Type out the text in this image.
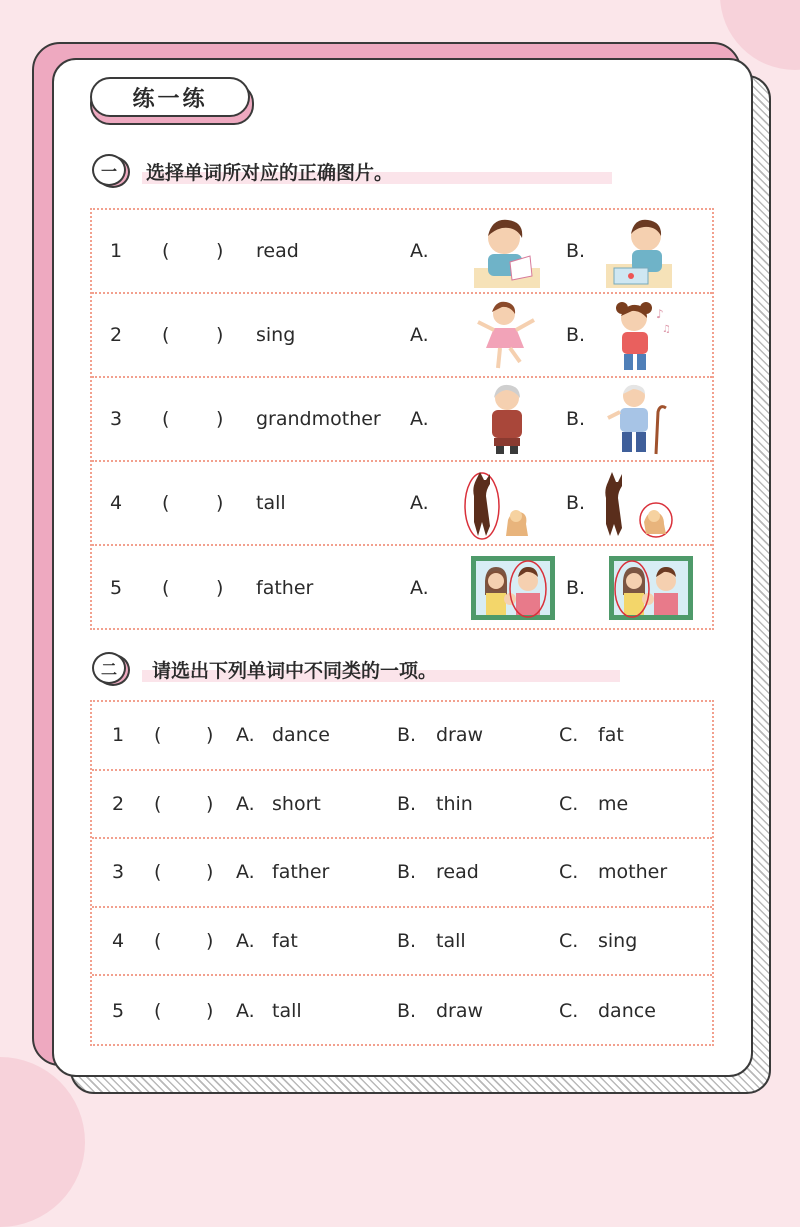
练一练
一	选择单词所对应的正确图片。
1 ( ) read	A.	B.
2 ( ) sing	A.	B.
♪
♫
3 ( ) grandmother A.	B.
4 ( ) tall	A.	B.
5 ( ) father	A.	B.
二	请选出下列单词中不同类的一项。
1 ( ) A. dance	B. draw	C. fat
2 ( ) A. short	B. thin	C. me
3 ( ) A. father	B. read	C. mother
4 ( ) A. fat	B. tall	C. sing
5 ( ) A. tall	B. draw	C. dance
